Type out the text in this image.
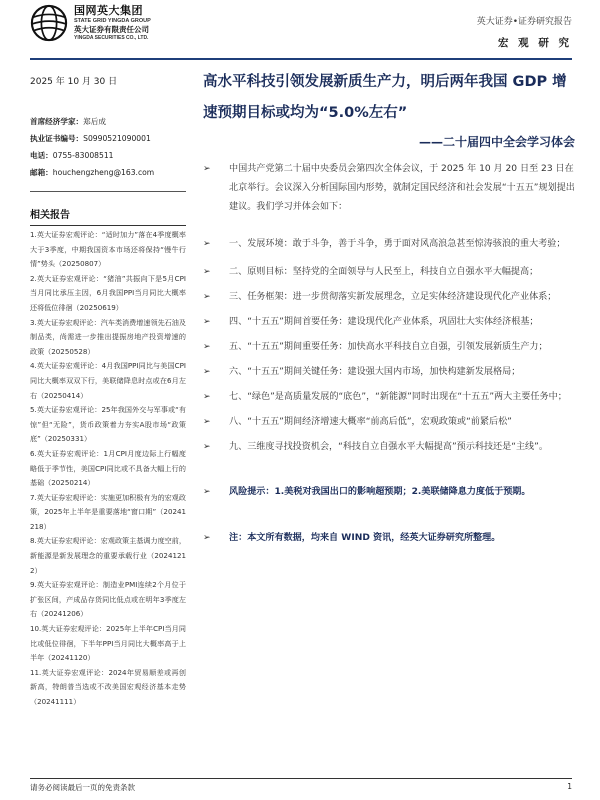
国网英大集团
STATE GRID YINGDA GROUP
英大证券有限责任公司
YINGDA SECURITIES CO., LTD.
英大证券•证券研究报告
宏 观 研 究
2025 年 10 月 30 日
首席经济学家：郑后成
执业证书编号：S0990521090001
电话：0755-83008511
邮箱：houchengzheng@163.com
相关报告
1.英大证券宏观评论：“适时加力”落在4季度概率大于3季度，中期我国资本市场还将保持“慢牛行情”势头（20250807）
2.英大证券宏观评论：“猪油”共振向下是5月CPI当月同比承压主因，6月我国PPI当月同比大概率还将低位徘徊（20250619）
3.英大证券宏观评论：汽车类消费增速领先石油及制品类，尚需进一步推出提振房地产投资增速的政策（20250528）
4.英大证券宏观评论：4月我国PPI同比与美国CPI同比大概率双双下行，美联储降息时点或在6月左右（20250414）
5.英大证券宏观评论：25年我国外交与军事或“有惊”但“无险”，货币政策着力夯实A股市场“政策底”（20250331）
6.英大证券宏观评论：1月CPI月度边际上行幅度略低于季节性，美国CPI同比或不具备大幅上行的基础（20250214）
7.英大证券宏观评论：实施更加积极有为的宏观政策，2025年上半年是重要落地“窗口期”（20241218）
8.英大证券宏观评论：宏观政策主基调力度空前，新能源是新发展理念的重要承载行业（20241212）
9.英大证券宏观评论：制造业PMI连续2个月位于扩张区间，产成品存货同比低点或在明年3季度左右（20241206）
10.英大证券宏观评论：2025年上半年CPI当月同比或低位徘徊，下半年PPI当月同比大概率高于上半年（20241120）
11.英大证券宏观评论：2024年贸易顺差或再创新高，特朗普当选或不改美国宏观经济基本走势（20241111）
高水平科技引领发展新质生产力，明后两年我国 GDP 增速预期目标或均为“5.0%左右”
——二十届四中全会学习体会
➢ 中国共产党第二十届中央委员会第四次全体会议，于 2025 年 10 月 20 日至 23 日在北京举行。会议深入分析国际国内形势，就制定国民经济和社会发展“十五五”规划提出建议。我们学习并体会如下：
➢ 一、发展环境：敢于斗争，善于斗争，勇于面对风高浪急甚至惊涛骇浪的重大考验；
➢ 二、原则目标：坚持党的全面领导与人民至上，科技自立自强水平大幅提高；
➢ 三、任务框架：进一步贯彻落实新发展理念，立足实体经济建设现代化产业体系；
➢ 四、“十五五”期间首要任务：建设现代化产业体系，巩固壮大实体经济根基；
➢ 五、“十五五”期间重要任务：加快高水平科技自立自强，引领发展新质生产力；
➢ 六、“十五五”期间关键任务：建设强大国内市场，加快构建新发展格局；
➢ 七、“绿色”是高质量发展的“底色”，“新能源”同时出现在“十五五”两大主要任务中；
➢ 八、“十五五”期间经济增速大概率“前高后低”，宏观政策或“前紧后松”
➢ 九、三维度寻找投资机会，“科技自立自强水平大幅提高”预示科技还是“主线”。
➢ 风险提示：1.美税对我国出口的影响超预期；2.美联储降息力度低于预期。
➢ 注：本文所有数据，均来自 WIND 资讯，经英大证券研究所整理。
请务必阅读最后一页的免责条款	1
